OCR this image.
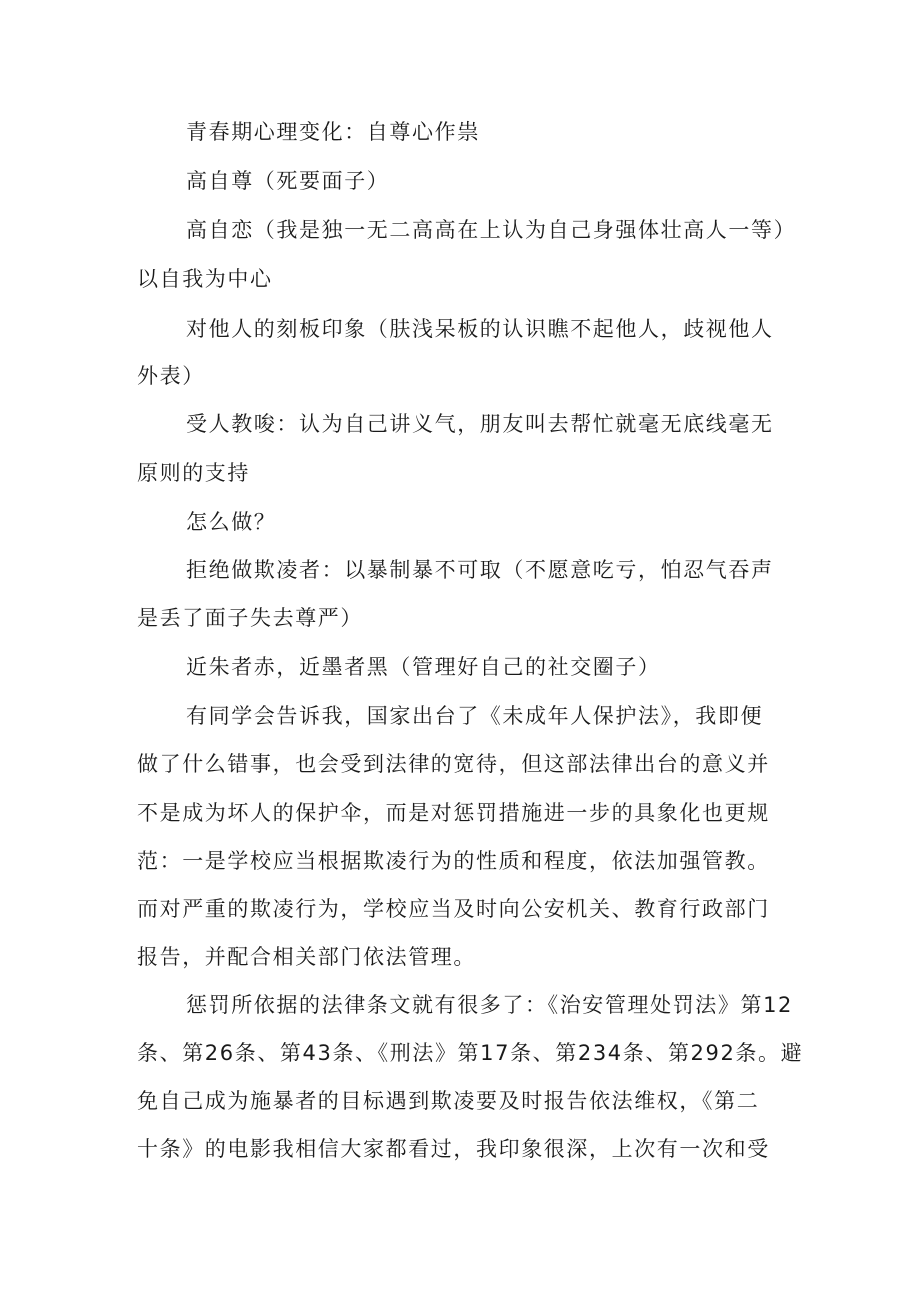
青春期心理变化：自尊心作祟
高自尊（死要面子）
高自恋（我是独一无二高高在上认为自己身强体壮高人一等）
以自我为中心
对他人的刻板印象（肤浅呆板的认识瞧不起他人，歧视他人
外表）
受人教唆：认为自己讲义气，朋友叫去帮忙就毫无底线毫无
原则的支持
怎么做？
拒绝做欺凌者：以暴制暴不可取（不愿意吃亏，怕忍气吞声
是丢了面子失去尊严）
近朱者赤，近墨者黑（管理好自己的社交圈子）
有同学会告诉我，国家出台了《未成年人保护法》，我即便
做了什么错事，也会受到法律的宽待，但这部法律出台的意义并
不是成为坏人的保护伞，而是对惩罚措施进一步的具象化也更规
范：一是学校应当根据欺凌行为的性质和程度，依法加强管教。
而对严重的欺凌行为，学校应当及时向公安机关、教育行政部门
报告，并配合相关部门依法管理。
惩罚所依据的法律条文就有很多了：《治安管理处罚法》第12
条、第26条、第43条、《刑法》第17条、第234条、第292条。避
免自己成为施暴者的目标遇到欺凌要及时报告依法维权，《第二
十条》的电影我相信大家都看过，我印象很深，上次有一次和受
